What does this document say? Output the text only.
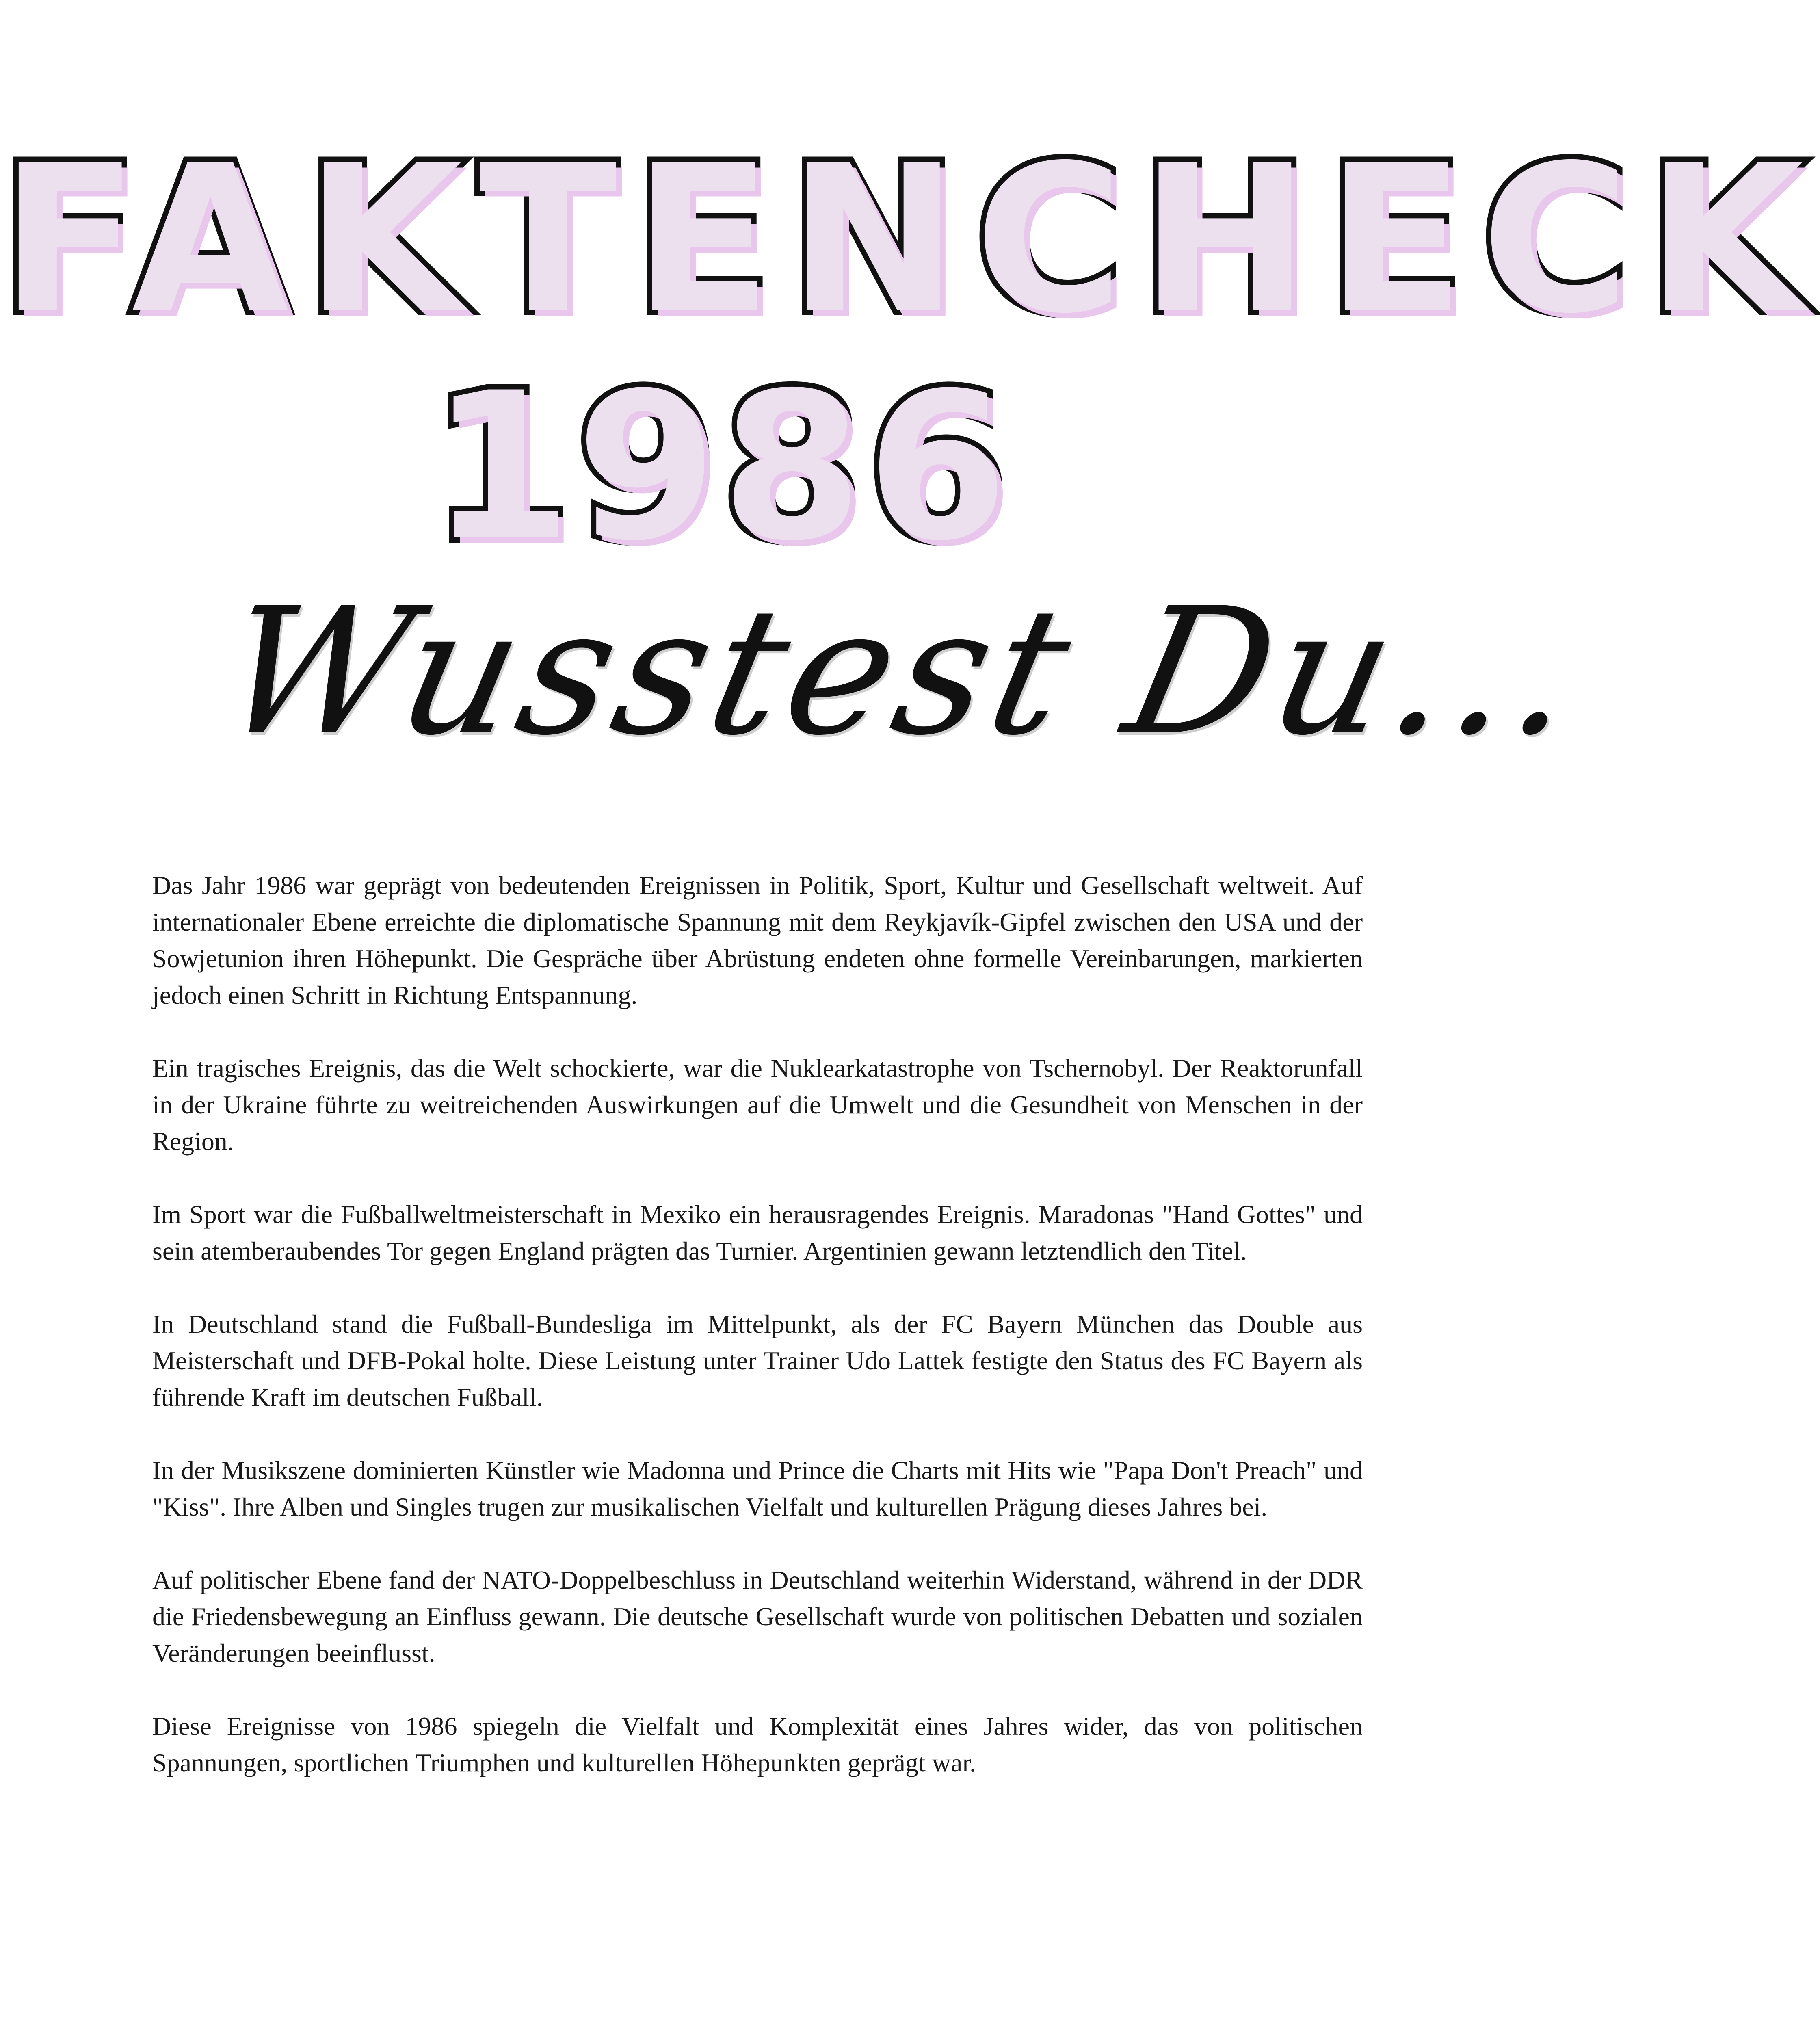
FAKTENCHECK
1986
Wusstest Du...

Das Jahr 1986 war geprägt von bedeutenden Ereignissen in Politik, Sport, Kultur und Gesellschaft weltweit. Auf internationaler Ebene erreichte die diplomatische Spannung mit dem Reykjavík-Gipfel zwischen den USA und der Sowjetunion ihren Höhepunkt. Die Gespräche über Abrüstung endeten ohne formelle Vereinbarungen, markierten jedoch einen Schritt in Richtung Entspannung.

Ein tragisches Ereignis, das die Welt schockierte, war die Nuklearkatastrophe von Tschernobyl. Der Reaktorunfall in der Ukraine führte zu weitreichenden Auswirkungen auf die Umwelt und die Gesundheit von Menschen in der Region.

Im Sport war die Fußballweltmeisterschaft in Mexiko ein herausragendes Ereignis. Maradonas "Hand Gottes" und sein atemberaubendes Tor gegen England prägten das Turnier. Argentinien gewann letztendlich den Titel.

In Deutschland stand die Fußball-Bundesliga im Mittelpunkt, als der FC Bayern München das Double aus Meisterschaft und DFB-Pokal holte. Diese Leistung unter Trainer Udo Lattek festigte den Status des FC Bayern als führende Kraft im deutschen Fußball.

In der Musikszene dominierten Künstler wie Madonna und Prince die Charts mit Hits wie "Papa Don't Preach" und "Kiss". Ihre Alben und Singles trugen zur musikalischen Vielfalt und kulturellen Prägung dieses Jahres bei.

Auf politischer Ebene fand der NATO-Doppelbeschluss in Deutschland weiterhin Widerstand, während in der DDR die Friedensbewegung an Einfluss gewann. Die deutsche Gesellschaft wurde von politischen Debatten und sozialen Veränderungen beeinflusst.

Diese Ereignisse von 1986 spiegeln die Vielfalt und Komplexität eines Jahres wider, das von politischen Spannungen, sportlichen Triumphen und kulturellen Höhepunkten geprägt war.
